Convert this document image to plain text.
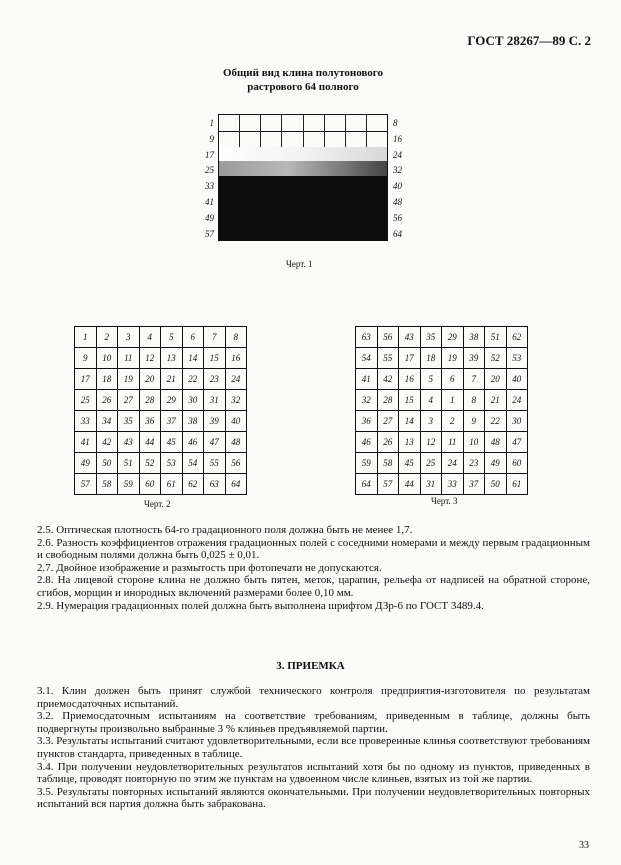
ГОСТ 28267—89 С. 2
Общий вид клина полутонового
растрового 64 полного
1
9
17
25
33
41
49
57
8
16
24
32
40
48
56
64
Черт. 1
1	2	3	4	5	6	7	8
9	10	11	12	13	14	15	16
17	18	19	20	21	22	23	24
25	26	27	28	29	30	31	32
33	34	35	36	37	38	39	40
41	42	43	44	45	46	47	48
49	50	51	52	53	54	55	56
57	58	59	60	61	62	63	64
Черт. 2
63	56	43	35	29	38	51	62
54	55	17	18	19	39	52	53
41	42	16	5	6	7	20	40
32	28	15	4	1	8	21	24
36	27	14	3	2	9	22	30
46	26	13	12	11	10	48	47
59	58	45	25	24	23	49	60
64	57	44	31	33	37	50	61
Черт. 3

2.5. Оптическая плотность 64-го градационного поля должна быть не менее 1,7.

2.6. Разность коэффициентов отражения градационных полей с соседними номерами и между первым градационным и свободным полями должна быть 0,025 ± 0,01.

2.7. Двойное изображение и размытость при фотопечати не допускаются.

2.8. На лицевой стороне клина не должно быть пятен, меток, царапин, рельефа от надписей на обратной стороне, сгибов, морщин и инородных включений размерами более 0,10 мм.

2.9. Нумерация градационных полей должна быть выполнена шрифтом ДЗр-6 по ГОСТ 3489.4.

3. ПРИЕМКА

3.1. Клин должен быть принят службой технического контроля предприятия-изготовителя по результатам приемосдаточных испытаний.

3.2. Приемосдаточным испытаниям на соответствие требованиям, приведенным в таблице, должны быть подвергнуты произвольно выбранные 3 % клиньев предъявляемой партии.

3.3. Результаты испытаний считают удовлетворительными, если все проверенные клинья соответствуют требованиям пунктов стандарта, приведенных в таблице.

3.4. При получении неудовлетворительных результатов испытаний хотя бы по одному из пунктов, приведенных в таблице, проводят повторную по этим же пунктам на удвоенном числе клиньев, взятых из той же партии.

3.5. Результаты повторных испытаний являются окончательными. При получении неудовлетворительных повторных испытаний вся партия должна быть забракована.

33
